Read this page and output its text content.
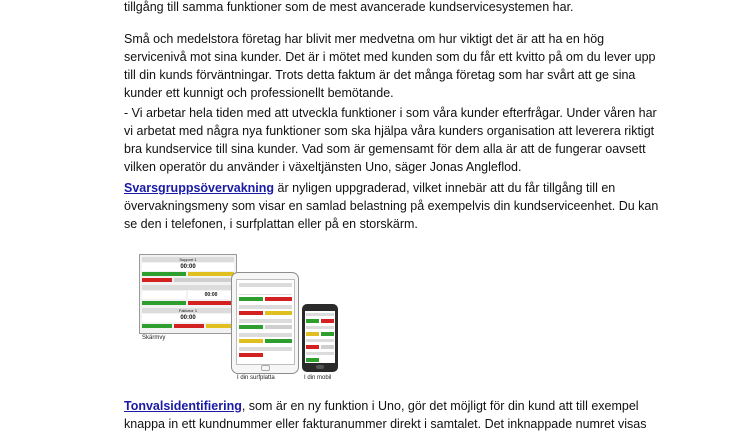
tillgång till samma funktioner som de mest avancerade kundservicesystemen har.

Små och medelstora företag har blivit mer medvetna om hur viktigt det är att ha en hög servicenivå mot sina kunder. Det är i mötet med kunden som du får ett kvitto på om du lever upp till din kunds förväntningar. Trots detta faktum är det många företag som har svårt att ge sina kunder ett kunnigt och professionellt bemötande.

- Vi arbetar hela tiden med att utveckla funktioner i som våra kunder efterfrågar. Under våren har vi arbetat med några nya funktioner som ska hjälpa våra kunders organisation att leverera riktigt bra kundservice till sina kunder. Vad som är gemensamt för dem alla är att de fungerar oavsett vilken operatör du använder i växeltjänsten Uno, säger Jonas Angleflod.

Svarsgruppsövervakning är nyligen uppgraderad, vilket innebär att du får tillgång till en övervakningsmeny som visar en samlad belastning på exempelvis din kundserviceenhet. Du kan se den i telefonen, i surfplattan eller på en storskärm.

Tonvalsidentifiering, som är en ny funktion i Uno, gör det möjligt för din kund att till exempel knappa in ett kundnummer eller fakturanummer direkt i samtalet. Det inknappade numret visas

Support 1
00:00
00:00
Fakturor 1
00:00
Skärmvy
I din surfplatta	I din mobil
